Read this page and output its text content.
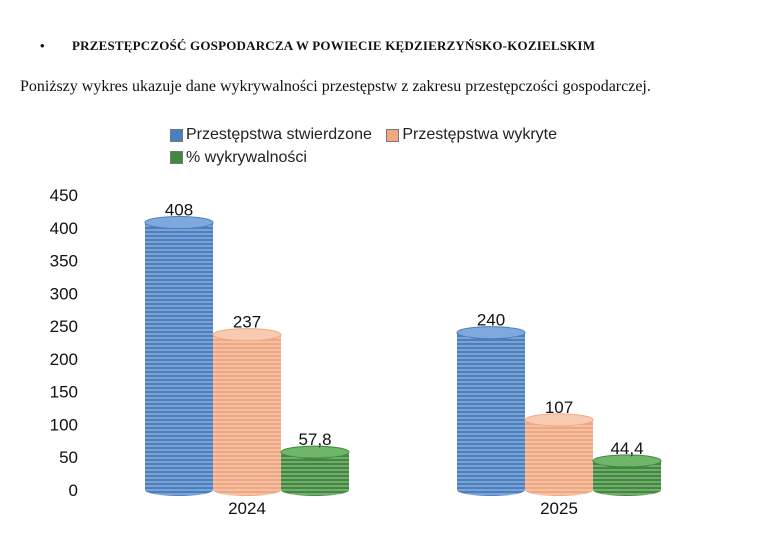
• PRZESTĘPCZOŚĆ GOSPODARCZA W POWIECIE KĘDZIERZYŃSKO-KOZIELSKIM
Poniższy wykres ukazuje dane wykrywalności przestępstw z zakresu przestępczości gospodarczej.
Przestępstwa stwierdzone
Przestępstwa wykryte

% wykrywalności
0
50
100
150
200
250
300
350
400
450
408
237
57,8
2024
240
107
44,4
2025
